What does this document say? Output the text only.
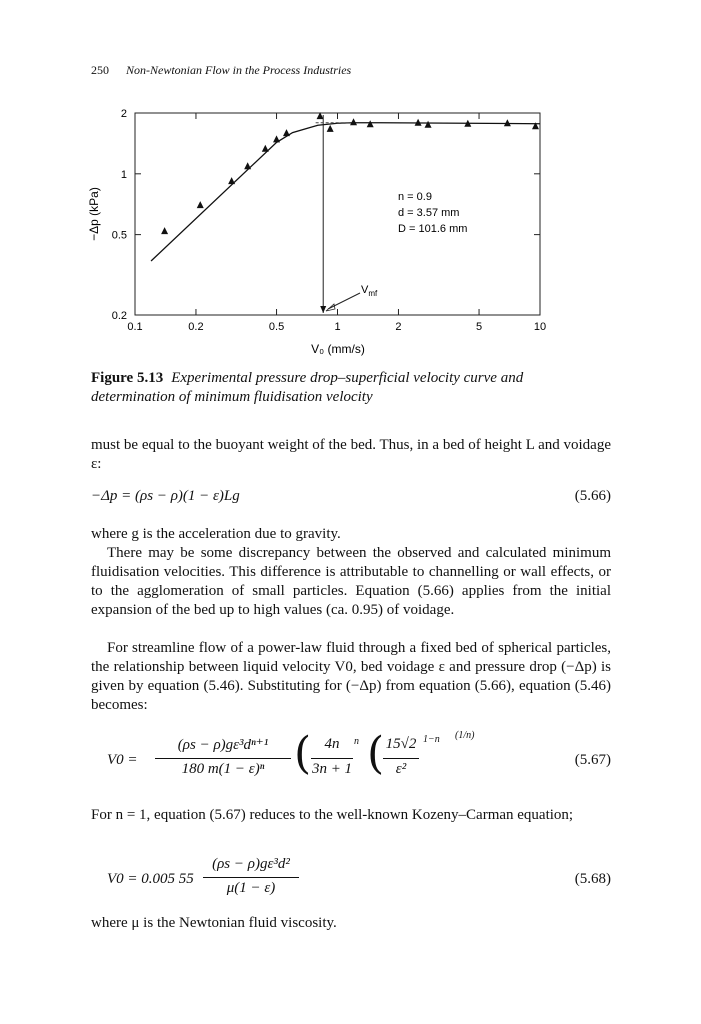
250 Non-Newtonian Flow in the Process Industries
0.1	0.2	0.5	1	2	5	10
0.2
0.5
1
2
V₀ (mm/s)
−Δp (kPa)	n = 0.9
d = 3.57 mm
D = 101.6 mm
$V_{mf}$
Figure 5.13 Experimental pressure drop–superficial velocity curve and determination of minimum fluidisation velocity
must be equal to the buoyant weight of the bed. Thus, in a bed of height L and voidage ε:
−Δp = (ρs − ρ)(1 − ε)Lg	(5.66)
where g is the acceleration due to gravity.
There may be some discrepancy between the observed and calculated minimum fluidisation velocities. This difference is attributable to channelling or wall effects, or to the agglomeration of small particles. Equation (5.66) applies from the initial expansion of the bed up to high values (ca. 0.95) of voidage.
For streamline flow of a power-law fluid through a fixed bed of spherical particles, the relationship between liquid velocity V0, bed voidage ε and pressure drop (−Δp) is given by equation (5.46). Substituting for (−Δp) from equation (5.66), equation (5.46) becomes:
V0 =
(ρs − ρ)gε³dⁿ⁺¹
180 m(1 − ε)ⁿ ( 4n
3n + 1
n ( 15√2
ε²
1−n (1/n)
(5.67)
For n = 1, equation (5.67) reduces to the well-known Kozeny–Carman equation;
V0 = 0.005 55
(ρs − ρ)gε³d²
μ(1 − ε)
(5.68)
where μ is the Newtonian fluid viscosity.
